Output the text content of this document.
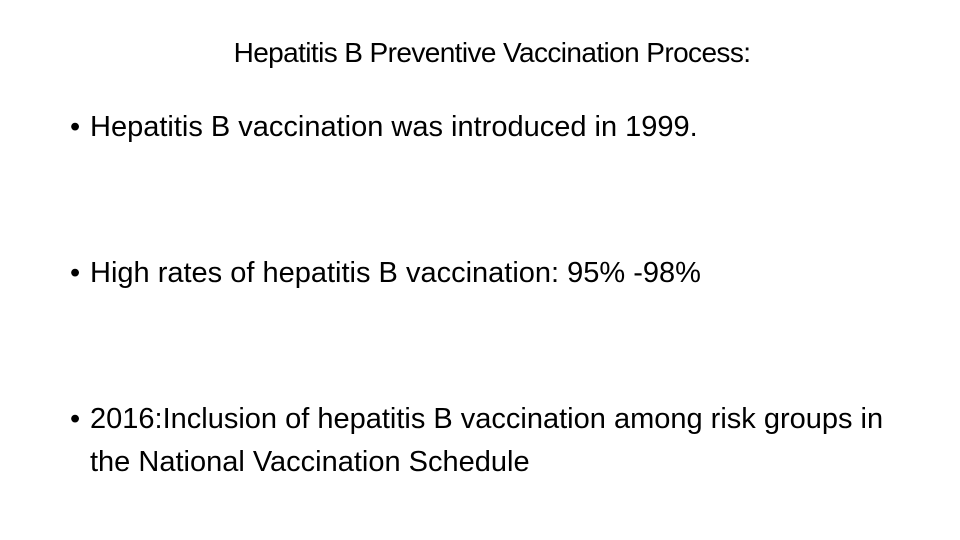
Hepatitis B Preventive Vaccination Process:
• Hepatitis B vaccination was introduced in 1999.
• High rates of hepatitis B vaccination: 95% -98%
• 2016:Inclusion of hepatitis B vaccination among risk groups in the National Vaccination Schedule
